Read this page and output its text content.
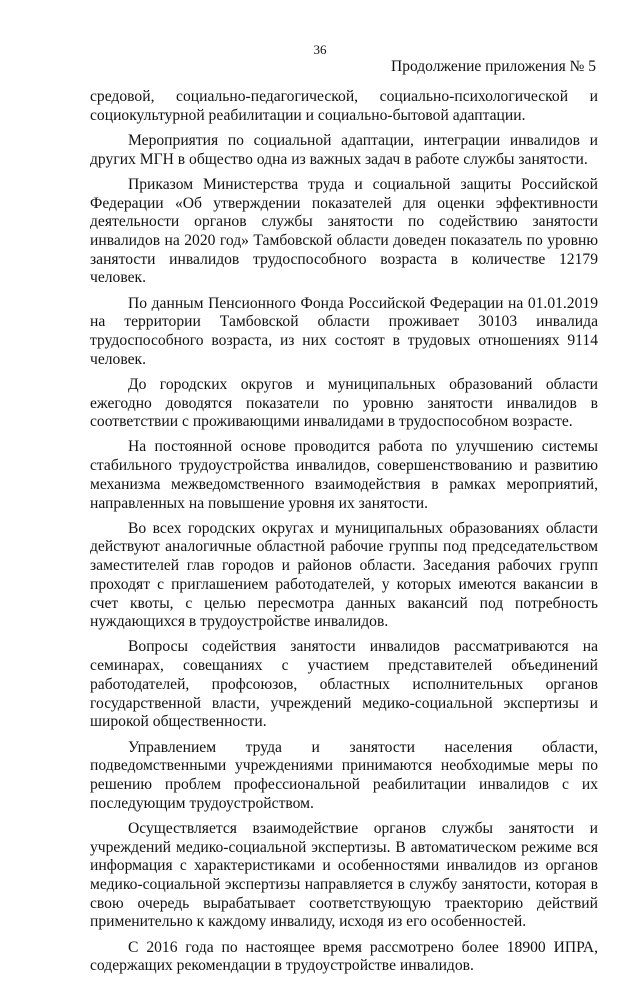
36
Продолжение приложения № 5

средовой, социально-педагогической, социально-психологической и социокультурной реабилитации и социально-бытовой адаптации.

Мероприятия по социальной адаптации, интеграции инвалидов и других МГН в общество одна из важных задач в работе службы занятости.

Приказом Министерства труда и социальной защиты Российской Федерации «Об утверждении показателей для оценки эффективности деятельности органов службы занятости по содействию занятости инвалидов на 2020 год» Тамбовской области доведен показатель по уровню занятости инвалидов трудоспособного возраста в количестве 12179 человек.

По данным Пенсионного Фонда Российской Федерации на 01.01.2019 на территории Тамбовской области проживает 30103 инвалида трудоспособного возраста, из них состоят в трудовых отношениях 9114 человек.

До городских округов и муниципальных образований области ежегодно доводятся показатели по уровню занятости инвалидов в соответствии с проживающими инвалидами в трудоспособном возрасте.

На постоянной основе проводится работа по улучшению системы стабильного трудоустройства инвалидов, совершенствованию и развитию механизма межведомственного взаимодействия в рамках мероприятий, направленных на повышение уровня их занятости.

Во всех городских округах и муниципальных образованиях области действуют аналогичные областной рабочие группы под председательством заместителей глав городов и районов области. Заседания рабочих групп проходят с приглашением работодателей, у которых имеются вакансии в счет квоты, с целью пересмотра данных вакансий под потребность нуждающихся в трудоустройстве инвалидов.

Вопросы содействия занятости инвалидов рассматриваются на семинарах, совещаниях с участием представителей объединений работодателей, профсоюзов, областных исполнительных органов государственной власти, учреждений медико-социальной экспертизы и широкой общественности.

Управлением труда и занятости населения области, подведомственными учреждениями принимаются необходимые меры по решению проблем профессиональной реабилитации инвалидов с их последующим трудоустройством.

Осуществляется взаимодействие органов службы занятости и учреждений медико-социальной экспертизы. В автоматическом режиме вся информация с характеристиками и особенностями инвалидов из органов медико-социальной экспертизы направляется в службу занятости, которая в свою очередь вырабатывает соответствующую траекторию действий применительно к каждому инвалиду, исходя из его особенностей.

С 2016 года по настоящее время рассмотрено более 18900 ИПРА, содержащих рекомендации в трудоустройстве инвалидов.
